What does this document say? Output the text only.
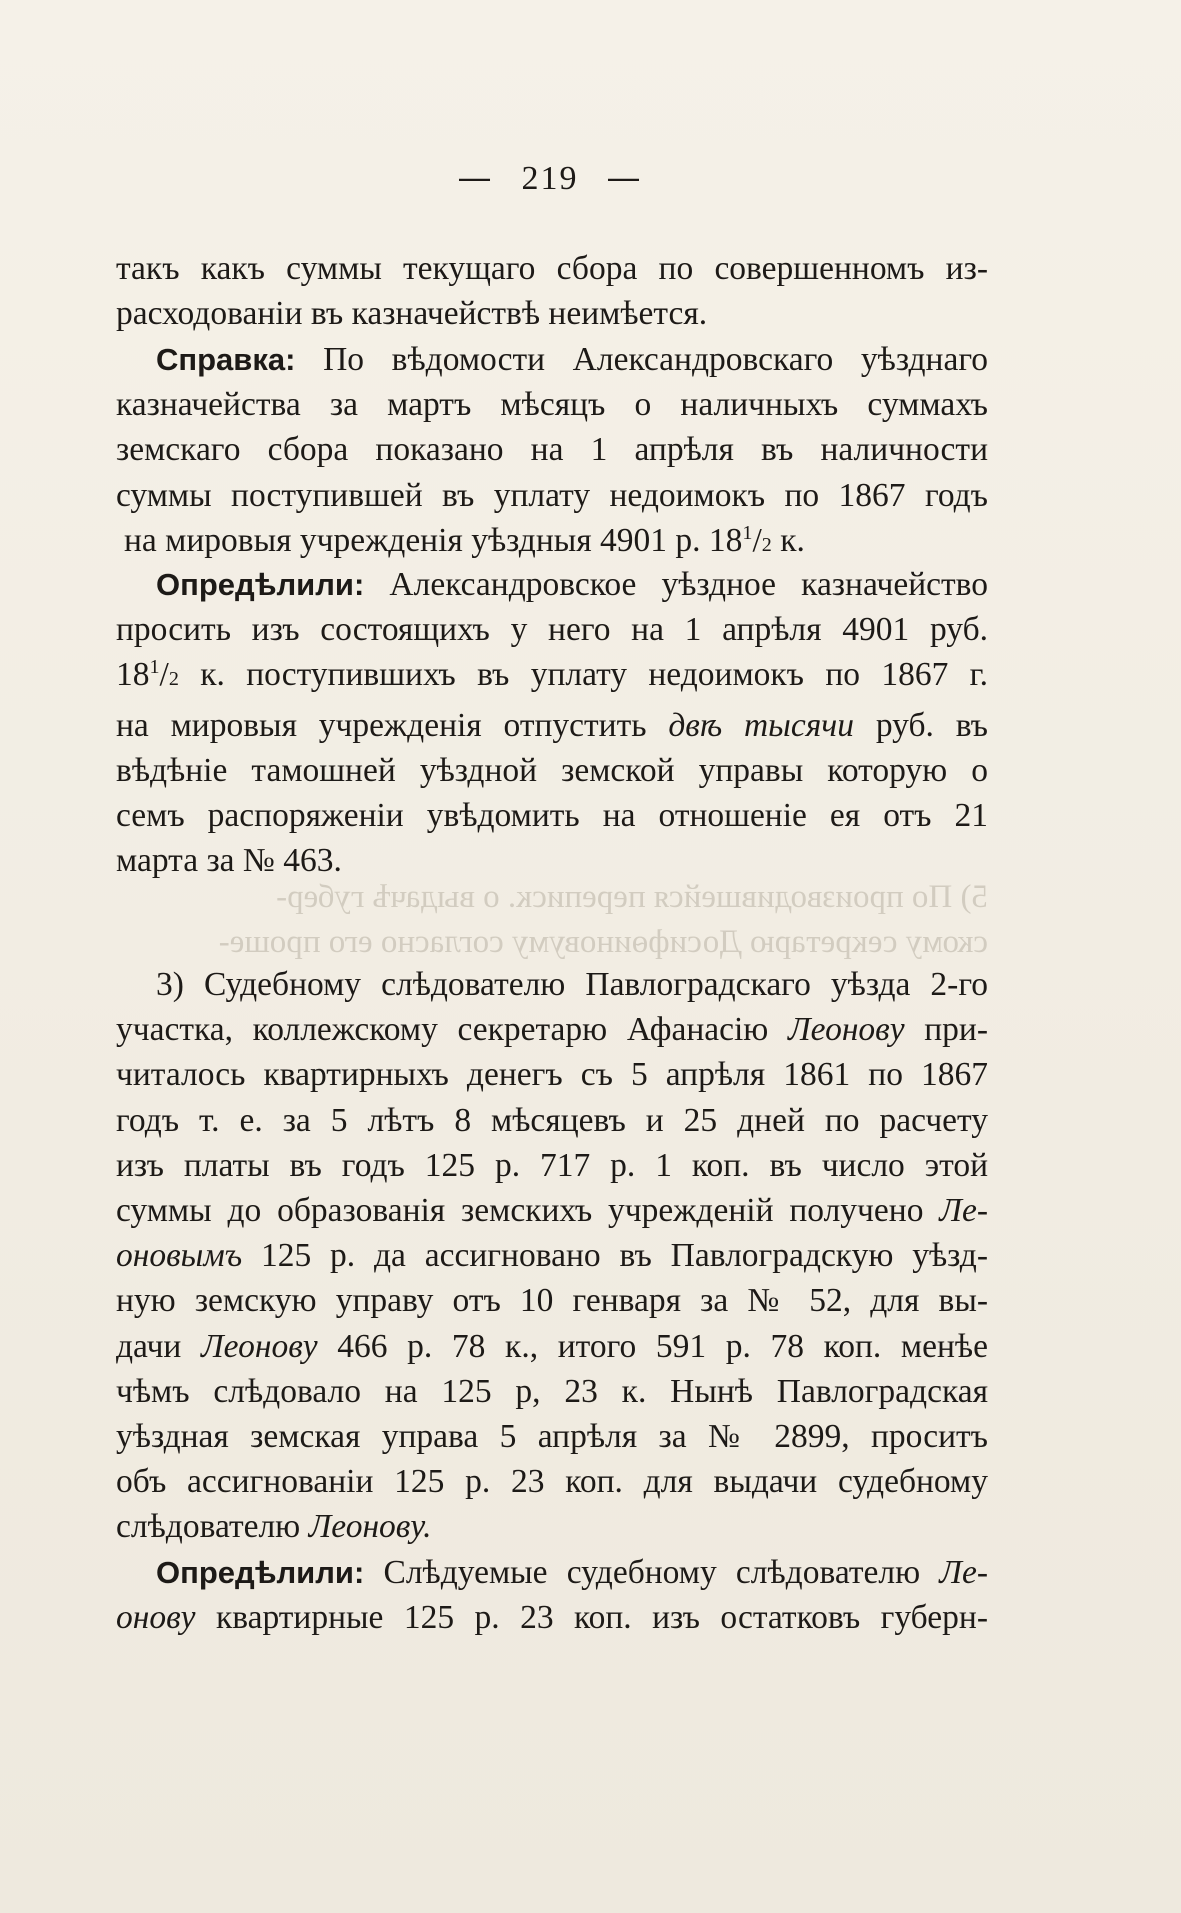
— 219 —
такъ какъ суммы текущаго сбора по совершенномъ из-
расходованіи въ казначействѣ неимѣется.
Справка: По вѣдомости Александровскаго уѣзднаго
казначейства за мартъ мѣсяцъ о наличныхъ суммахъ
земскаго сбора показано на 1 апрѣля въ наличности
суммы поступившей въ уплату недоимокъ по 1867 годъ
на мировыя учрежденія уѣздныя 4901 р. $18^1/2$ к.
Опредѣлили: Александровское уѣздное казначейство
просить изъ состоящихъ у него на 1 апрѣля 4901 руб.
$18^1/2$ к. поступившихъ въ уплату недоимокъ по 1867 г.
на мировыя учрежденія отпустить двѣ тысячи руб. въ
вѣдѣніе тамошней уѣздной земской управы которую о
семъ распоряженіи увѣдомить на отношеніе ея отъ 21
марта за № 463.
5) По производившейся переписк. о выдачѣ губер-
скому секретарю Досифѳиновуму согласно его проше-
3) Судебному слѣдователю Павлоградскаго уѣзда 2-го
участка, коллежскому секретарю Афанасію Леонову при-
читалось квартирныхъ денегъ съ 5 апрѣля 1861 по 1867
годъ т. е. за 5 лѣтъ 8 мѣсяцевъ и 25 дней по расчету
изъ платы въ годъ 125 р. 717 р. 1 коп. въ число этой
суммы до образованія земскихъ учрежденій получено Ле-
оновымъ 125 р. да ассигновано въ Павлоградскую уѣзд-
ную земскую управу отъ 10 генваря за № 52, для вы-
дачи Леонову 466 р. 78 к., итого 591 р. 78 коп. менѣе
чѣмъ слѣдовало на 125 р, 23 к. Нынѣ Павлоградская
уѣздная земская управа 5 апрѣля за № 2899, проситъ
объ ассигнованіи 125 р. 23 коп. для выдачи судебному
слѣдователю Леонову.
Опредѣлили: Слѣдуемые судебному слѣдователю Ле-
онову квартирные 125 р. 23 коп. изъ остатковъ губерн-
